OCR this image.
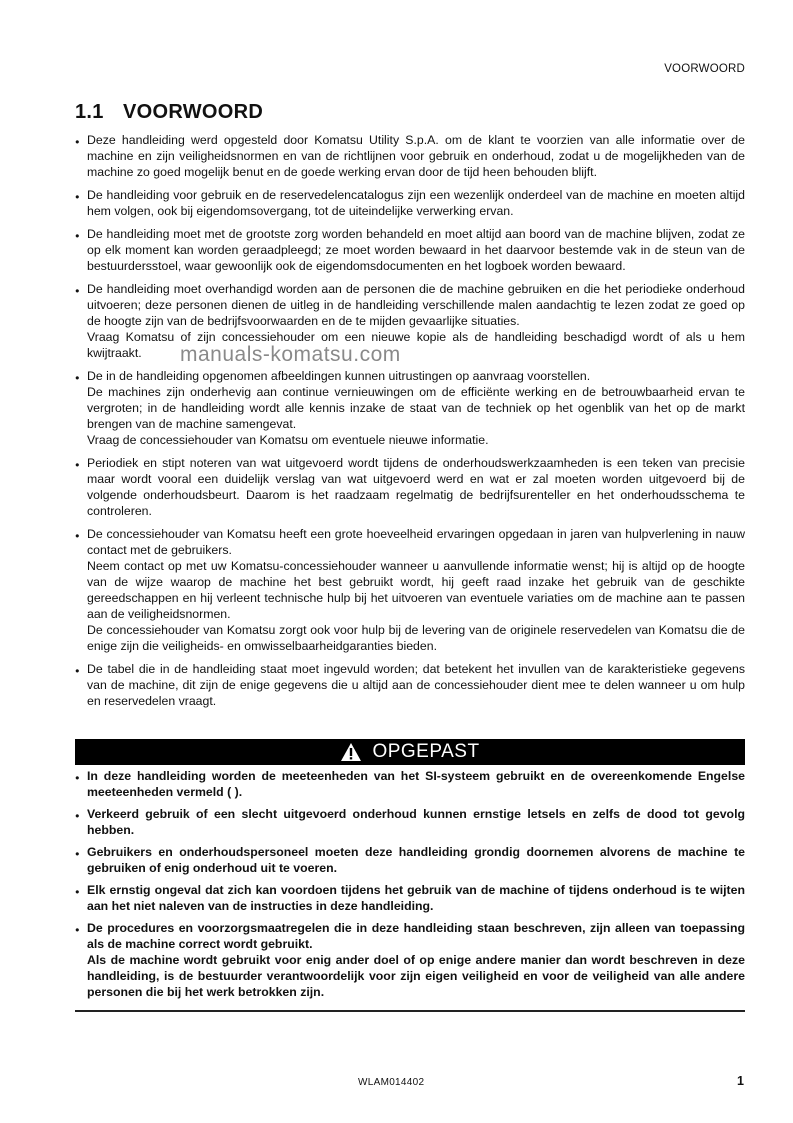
VOORWOORD
1.1 VOORWOORD
● Deze handleiding werd opgesteld door Komatsu Utility S.p.A. om de klant te voorzien van alle informatie over de machine en zijn veiligheidsnormen en van de richtlijnen voor gebruik en onderhoud, zodat u de mogelijkheden van de machine zo goed mogelijk benut en de goede werking ervan door de tijd heen behouden blijft.
● De handleiding voor gebruik en de reservedelencatalogus zijn een wezenlijk onderdeel van de machine en moeten altijd hem volgen, ook bij eigendomsovergang, tot de uiteindelijke verwerking ervan.
● De handleiding moet met de grootste zorg worden behandeld en moet altijd aan boord van de machine blijven, zodat ze op elk moment kan worden geraadpleegd; ze moet worden bewaard in het daarvoor bestemde vak in de steun van de bestuurdersstoel, waar gewoonlijk ook de eigendomsdocumenten en het logboek worden bewaard.
● De handleiding moet overhandigd worden aan de personen die de machine gebruiken en die het periodieke onderhoud uitvoeren; deze personen dienen de uitleg in de handleiding verschillende malen aandachtig te lezen zodat ze goed op de hoogte zijn van de bedrijfsvoorwaarden en de te mijden gevaarlijke situaties.
Vraag Komatsu of zijn concessiehouder om een nieuwe kopie als de handleiding beschadigd wordt of als u hem kwijtraakt.
● De in de handleiding opgenomen afbeeldingen kunnen uitrustingen op aanvraag voorstellen.
De machines zijn onderhevig aan continue vernieuwingen om de efficiënte werking en de betrouwbaarheid ervan te vergroten; in de handleiding wordt alle kennis inzake de staat van de techniek op het ogenblik van het op de markt brengen van de machine samengevat.
Vraag de concessiehouder van Komatsu om eventuele nieuwe informatie.
● Periodiek en stipt noteren van wat uitgevoerd wordt tijdens de onderhoudswerkzaamheden is een teken van precisie maar wordt vooral een duidelijk verslag van wat uitgevoerd werd en wat er zal moeten worden uitgevoerd bij de volgende onderhoudsbeurt. Daarom is het raadzaam regelmatig de bedrijfsurenteller en het onderhoudsschema te controleren.
● De concessiehouder van Komatsu heeft een grote hoeveelheid ervaringen opgedaan in jaren van hulpverlening in nauw contact met de gebruikers.
Neem contact op met uw Komatsu-concessiehouder wanneer u aanvullende informatie wenst; hij is altijd op de hoogte van de wijze waarop de machine het best gebruikt wordt, hij geeft raad inzake het gebruik van de geschikte gereedschappen en hij verleent technische hulp bij het uitvoeren van eventuele variaties om de machine aan te passen aan de veiligheidsnormen.
De concessiehouder van Komatsu zorgt ook voor hulp bij de levering van de originele reservedelen van Komatsu die de enige zijn die veiligheids- en omwisselbaarheidgaranties bieden.
● De tabel die in de handleiding staat moet ingevuld worden; dat betekent het invullen van de karakteristieke gegevens van de machine, dit zijn de enige gegevens die u altijd aan de concessiehouder dient mee te delen wanneer u om hulp en reservedelen vraagt.
manuals-komatsu.com
OPGEPAST
● In deze handleiding worden de meeteenheden van het SI-systeem gebruikt en de overeenkomende Engelse meeteenheden vermeld ( ).
● Verkeerd gebruik of een slecht uitgevoerd onderhoud kunnen ernstige letsels en zelfs de dood tot gevolg hebben.
● Gebruikers en onderhoudspersoneel moeten deze handleiding grondig doornemen alvorens de machine te gebruiken of enig onderhoud uit te voeren.
● Elk ernstig ongeval dat zich kan voordoen tijdens het gebruik van de machine of tijdens onderhoud is te wijten aan het niet naleven van de instructies in deze handleiding.
● De procedures en voorzorgsmaatregelen die in deze handleiding staan beschreven, zijn alleen van toepassing als de machine correct wordt gebruikt.
Als de machine wordt gebruikt voor enig ander doel of op enige andere manier dan wordt beschreven in deze handleiding, is de bestuurder verantwoordelijk voor zijn eigen veiligheid en voor de veiligheid van alle andere personen die bij het werk betrokken zijn.
WLAM014402	1
